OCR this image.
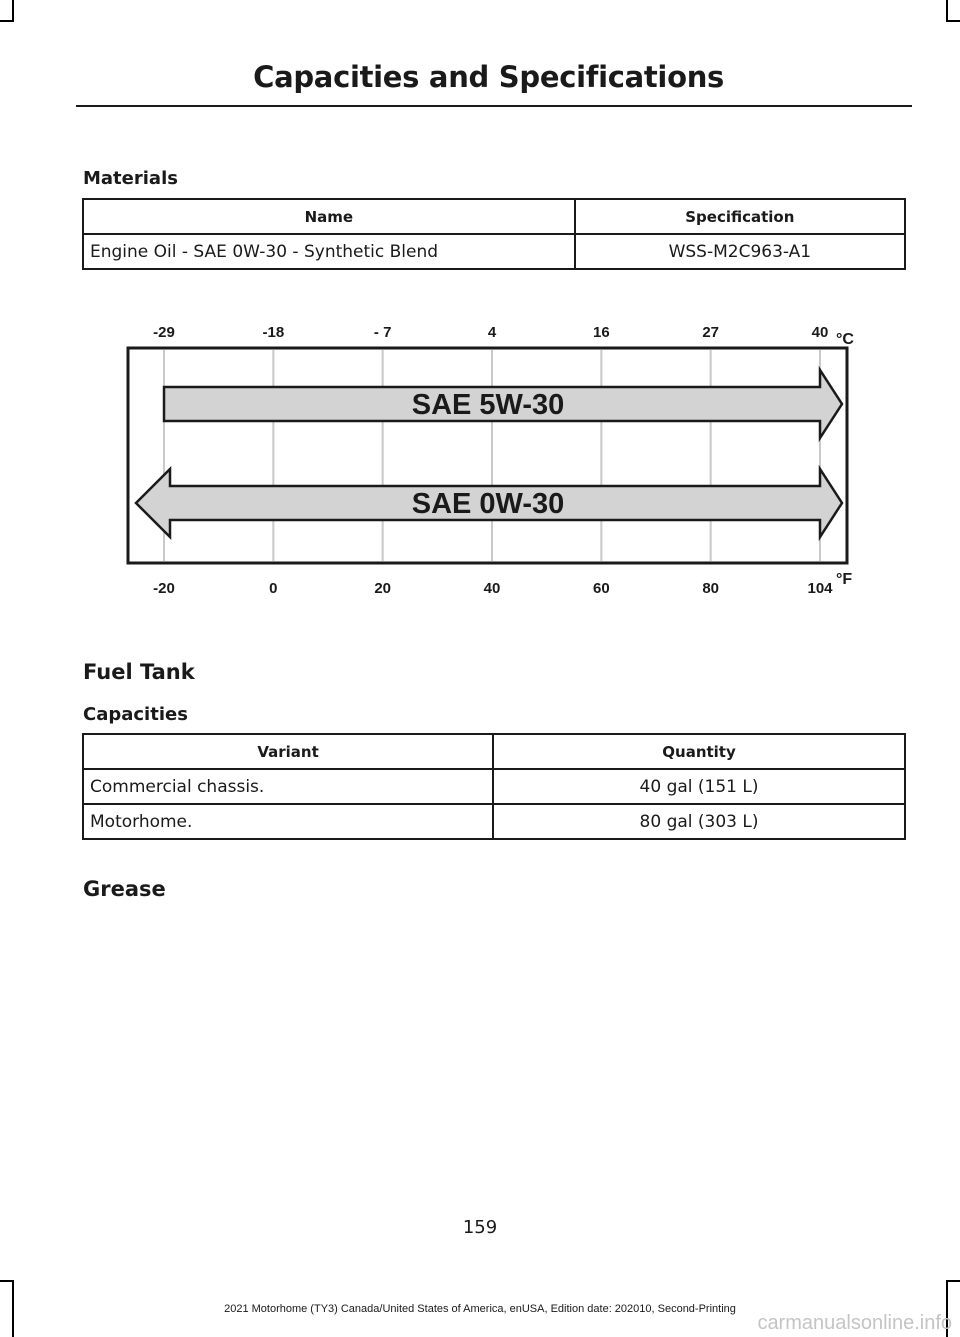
Capacities and Specifications
Materials
Name	Specification
Engine Oil - SAE 0W-30 - Synthetic Blend	WSS-M2C963-A1
SAE 5W-30
SAE 0W-30
-29	-18	- 7	4	16	27	40
-20	0	20	40	60	80	104
°C
°F
Fuel Tank
Capacities
Variant	Quantity
Commercial chassis.	40 gal (151 L)
Motorhome.	80 gal (303 L)
Grease
159
2021 Motorhome (TY3) Canada/United States of America, enUSA, Edition date: 202010, Second-Printing
carmanualsonline.info
